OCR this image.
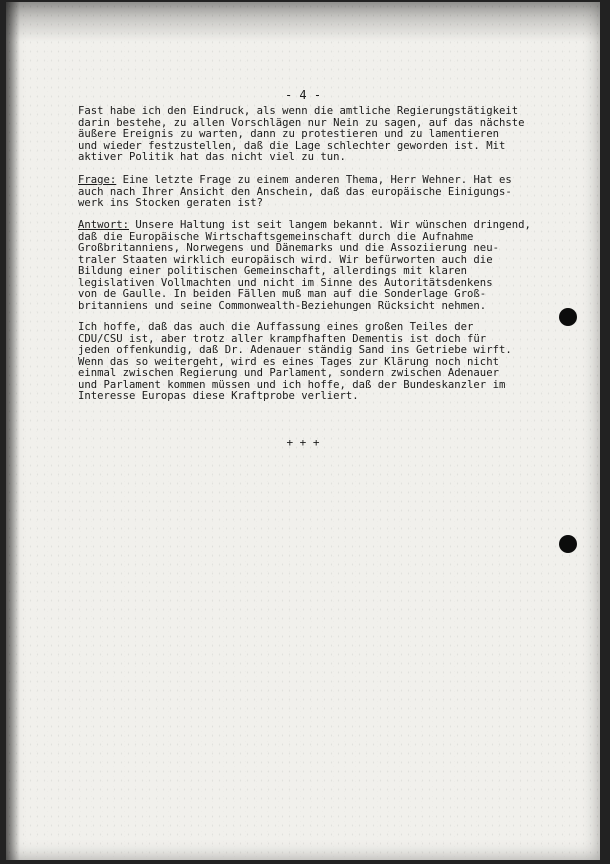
- 4 -
Fast habe ich den Eindruck, als wenn die amtliche Regierungstätigkeit
darin bestehe, zu allen Vorschlägen nur Nein zu sagen, auf das nächste
äußere Ereignis zu warten, dann zu protestieren und zu lamentieren
und wieder festzustellen, daß die Lage schlechter geworden ist. Mit
aktiver Politik hat das nicht viel zu tun.
Frage: Eine letzte Frage zu einem anderen Thema, Herr Wehner. Hat es
auch nach Ihrer Ansicht den Anschein, daß das europäische Einigungs-
werk ins Stocken geraten ist?
Antwort: Unsere Haltung ist seit langem bekannt. Wir wünschen dringend,
daß die Europäische Wirtschaftsgemeinschaft durch die Aufnahme
Großbritanniens, Norwegens und Dänemarks und die Assoziierung neu-
traler Staaten wirklich europäisch wird. Wir befürworten auch die
Bildung einer politischen Gemeinschaft, allerdings mit klaren
legislativen Vollmachten und nicht im Sinne des Autoritätsdenkens
von de Gaulle. In beiden Fällen muß man auf die Sonderlage Groß-
britanniens und seine Commonwealth-Beziehungen Rücksicht nehmen.
Ich hoffe, daß das auch die Auffassung eines großen Teiles der
CDU/CSU ist, aber trotz aller krampfhaften Dementis ist doch für
jeden offenkundig, daß Dr. Adenauer ständig Sand ins Getriebe wirft.
Wenn das so weitergeht, wird es eines Tages zur Klärung noch nicht
einmal zwischen Regierung und Parlament, sondern zwischen Adenauer
und Parlament kommen müssen und ich hoffe, daß der Bundeskanzler im
Interesse Europas diese Kraftprobe verliert.
+ + +
